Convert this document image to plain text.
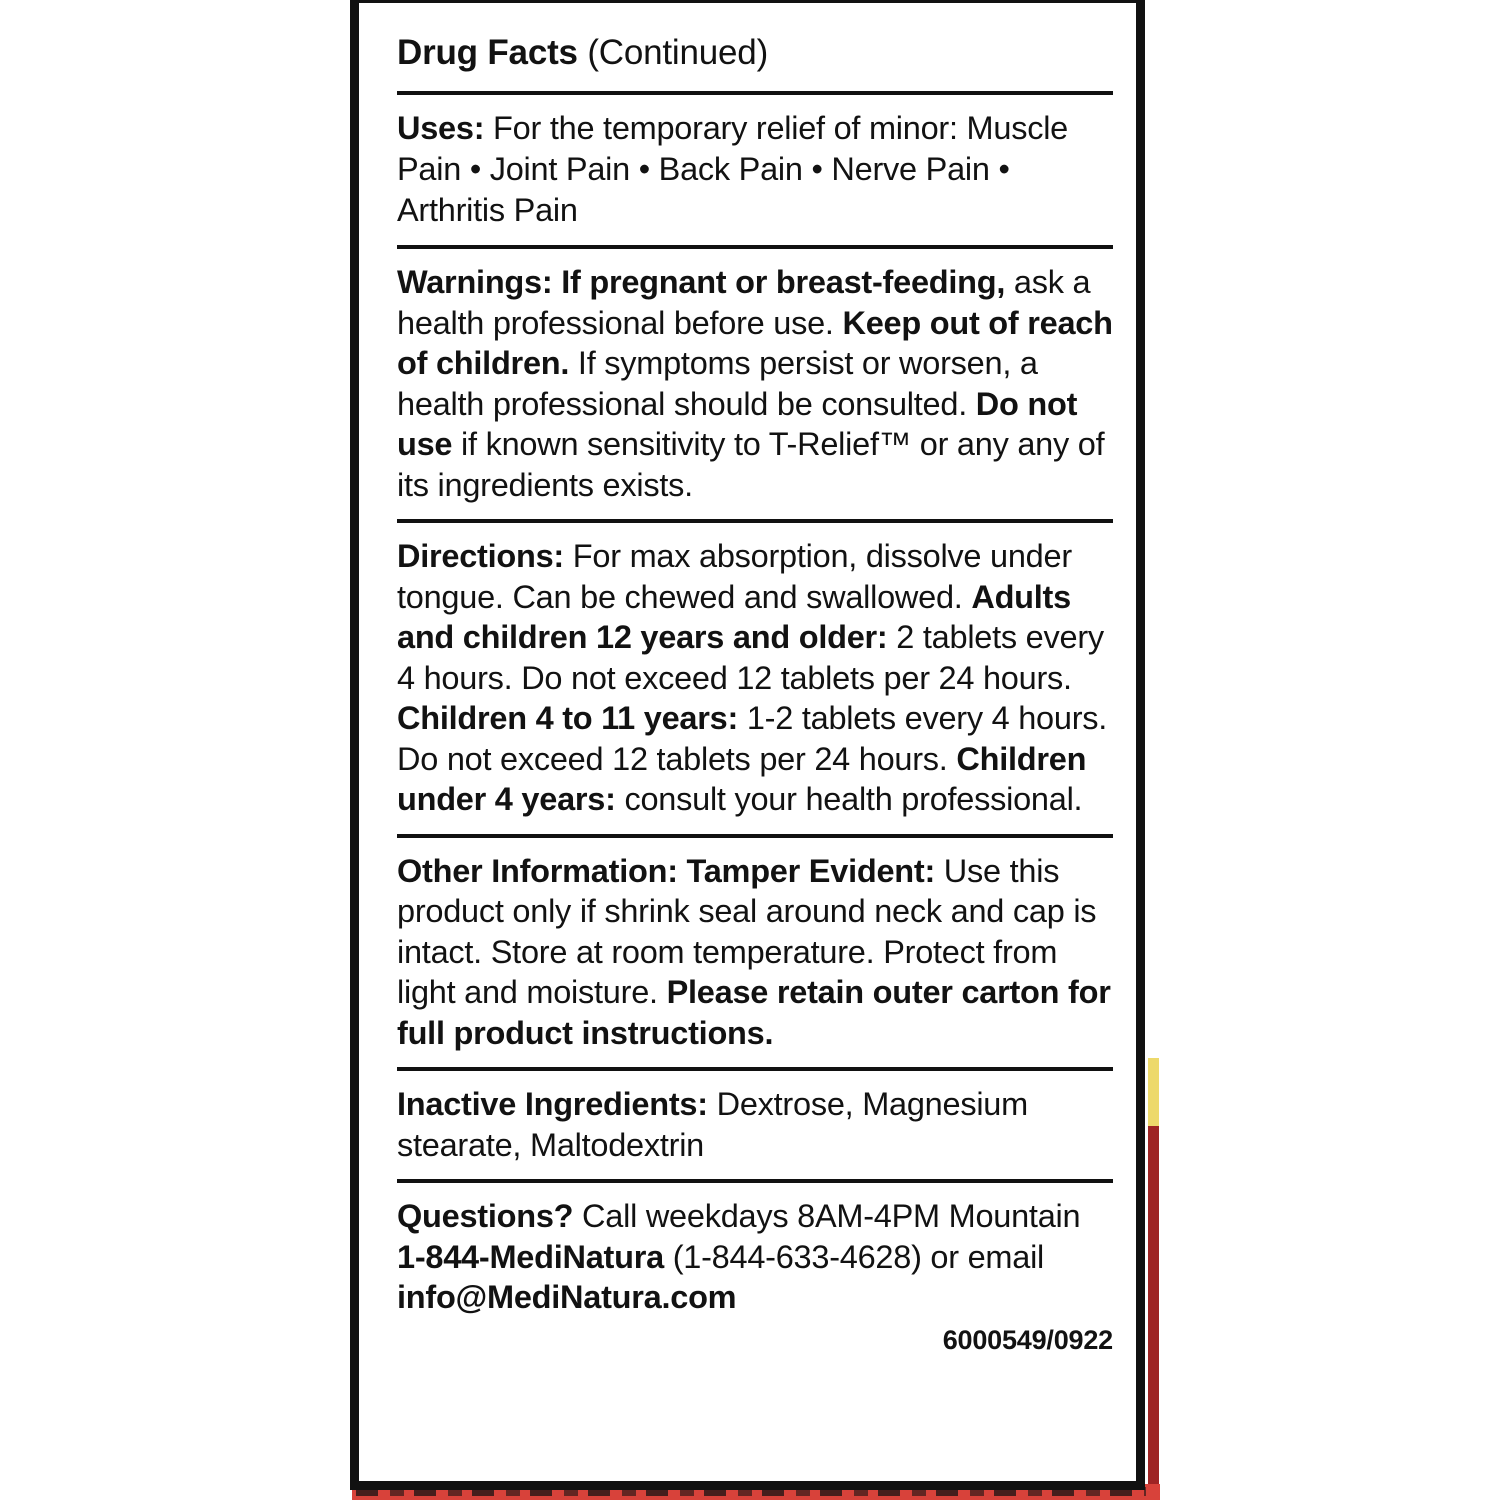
Drug Facts (Continued)

Uses: For the temporary relief of minor: Muscle Pain • Joint Pain • Back Pain • Nerve Pain • Arthritis Pain

Warnings: If pregnant or breast-feeding, ask a health professional before use. Keep out of reach of children. If symptoms persist or worsen, a health professional should be consulted. Do not use if known sensitivity to T-Relief™ or any any of its ingredients exists.

Directions: For max absorption, dissolve under tongue. Can be chewed and swallowed. Adults and children 12 years and older: 2 tablets every 4 hours. Do not exceed 12 tablets per 24 hours. Children 4 to 11 years: 1-2 tablets every 4 hours. Do not exceed 12 tablets per 24 hours. Children under 4 years: consult your health professional.

Other Information: Tamper Evident: Use this product only if shrink seal around neck and cap is intact. Store at room temperature. Protect from light and moisture. Please retain outer carton for full product instructions.

Inactive Ingredients: Dextrose, Magnesium stearate, Maltodextrin

Questions? Call weekdays 8AM-4PM Mountain 1-844-MediNatura (1-844-633-4628) or email info@MediNatura.com

6000549/0922
